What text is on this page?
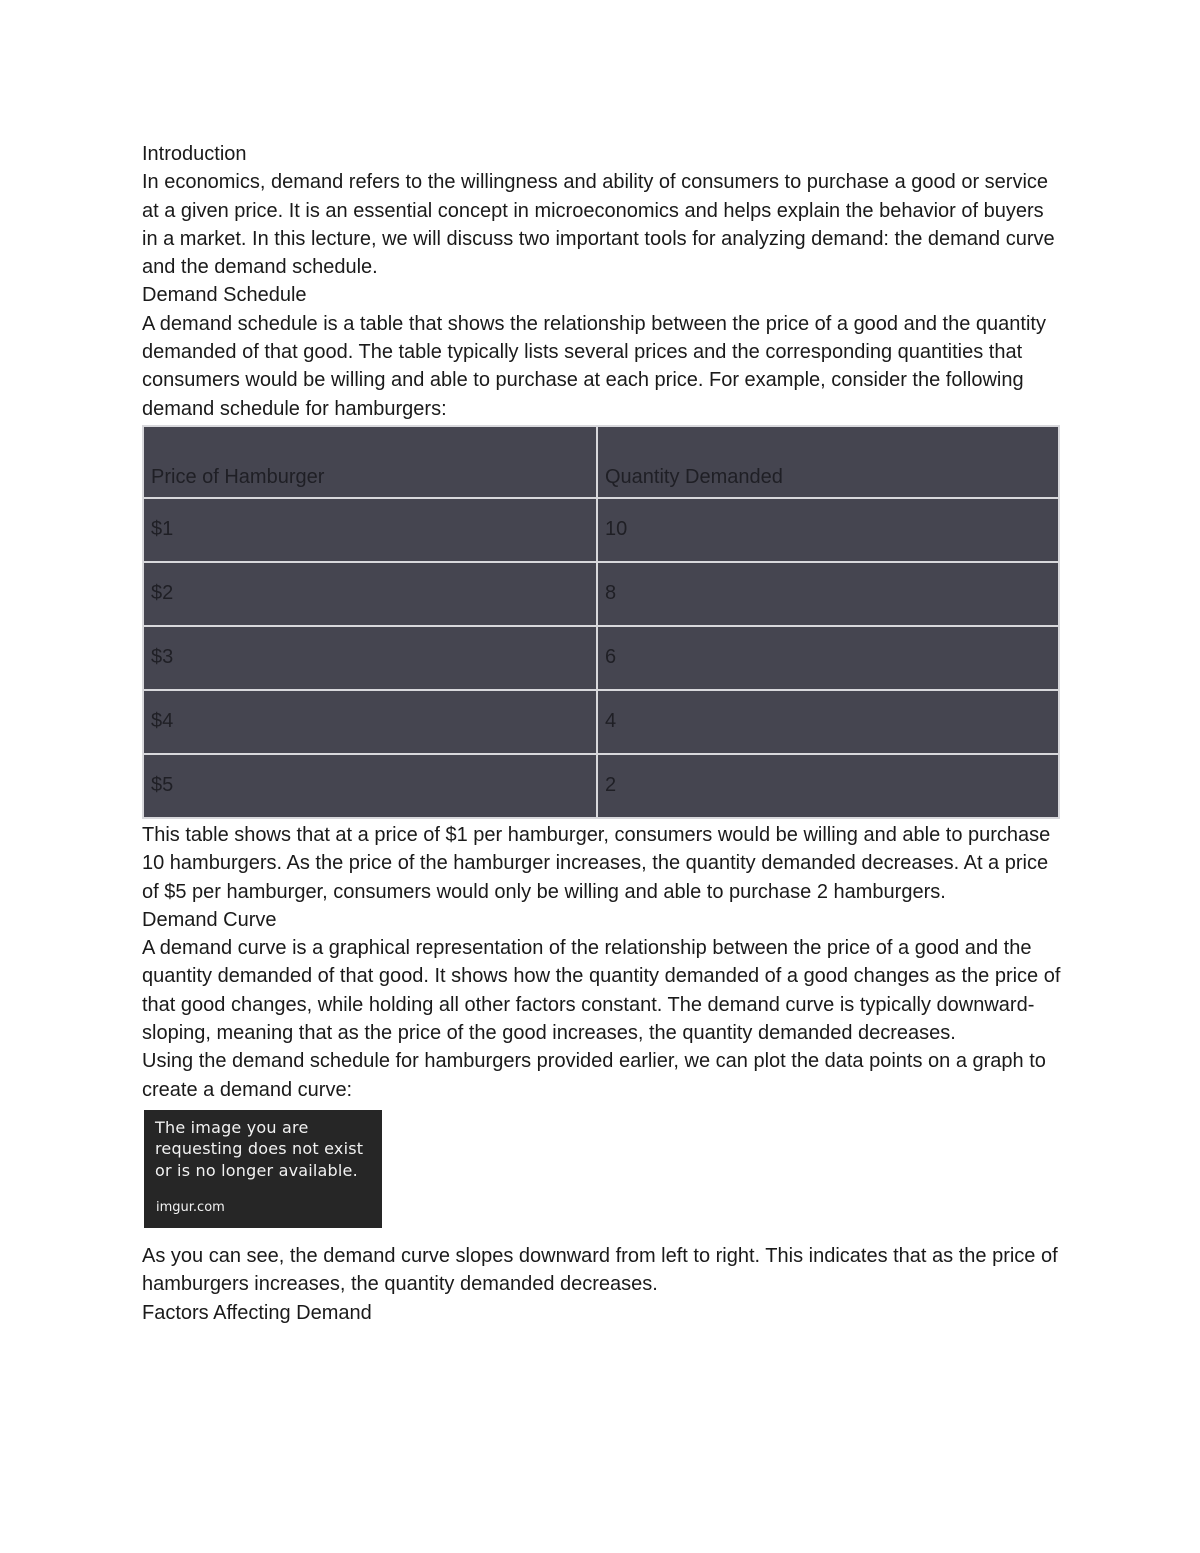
Introduction

In economics, demand refers to the willingness and ability of consumers to purchase a good or service at a given price. It is an essential concept in microeconomics and helps explain the behavior of buyers in a market. In this lecture, we will discuss two important tools for analyzing demand: the demand curve and the demand schedule.

Demand Schedule

A demand schedule is a table that shows the relationship between the price of a good and the quantity demanded of that good. The table typically lists several prices and the corresponding quantities that consumers would be willing and able to purchase at each price. For example, consider the following demand schedule for hamburgers:

Price of Hamburger	Quantity Demanded
$1	10
$2	8
$3	6
$4	4
$5	2

This table shows that at a price of $1 per hamburger, consumers would be willing and able to purchase 10 hamburgers. As the price of the hamburger increases, the quantity demanded decreases. At a price of $5 per hamburger, consumers would only be willing and able to purchase 2 hamburgers.

Demand Curve

A demand curve is a graphical representation of the relationship between the price of a good and the quantity demanded of that good. It shows how the quantity demanded of a good changes as the price of that good changes, while holding all other factors constant. The demand curve is typically downward-sloping, meaning that as the price of the good increases, the quantity demanded decreases.

Using the demand schedule for hamburgers provided earlier, we can plot the data points on a graph to create a demand curve:

The image you are requesting does not exist or is no longer available.
imgur.com

As you can see, the demand curve slopes downward from left to right. This indicates that as the price of hamburgers increases, the quantity demanded decreases.

Factors Affecting Demand
